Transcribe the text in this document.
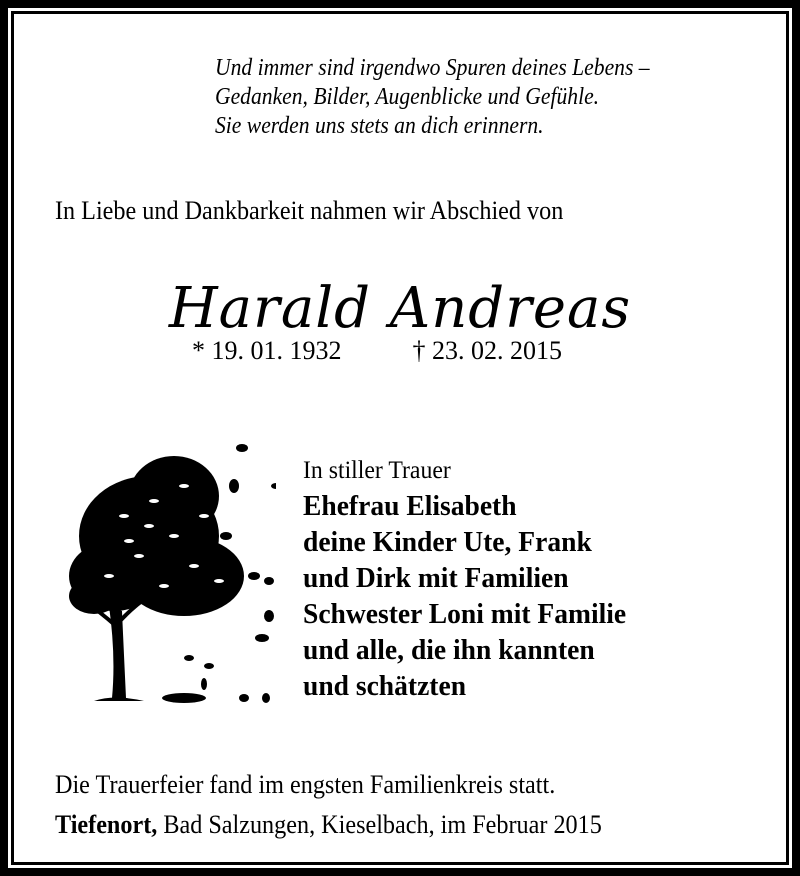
Und immer sind irgendwo Spuren deines Lebens –
Gedanken, Bilder, Augenblicke und Gefühle.
Sie werden uns stets an dich erinnern.
In Liebe und Dankbarkeit nahmen wir Abschied von
Harald Andreas
* 19. 01. 1932	† 23. 02. 2015
In stiller Trauer
Ehefrau Elisabeth
deine Kinder Ute, Frank
und Dirk mit Familien
Schwester Loni mit Familie
und alle, die ihn kannten
und schätzten
Die Trauerfeier fand im engsten Familienkreis statt.
Tiefenort, Bad Salzungen, Kieselbach, im Februar 2015
